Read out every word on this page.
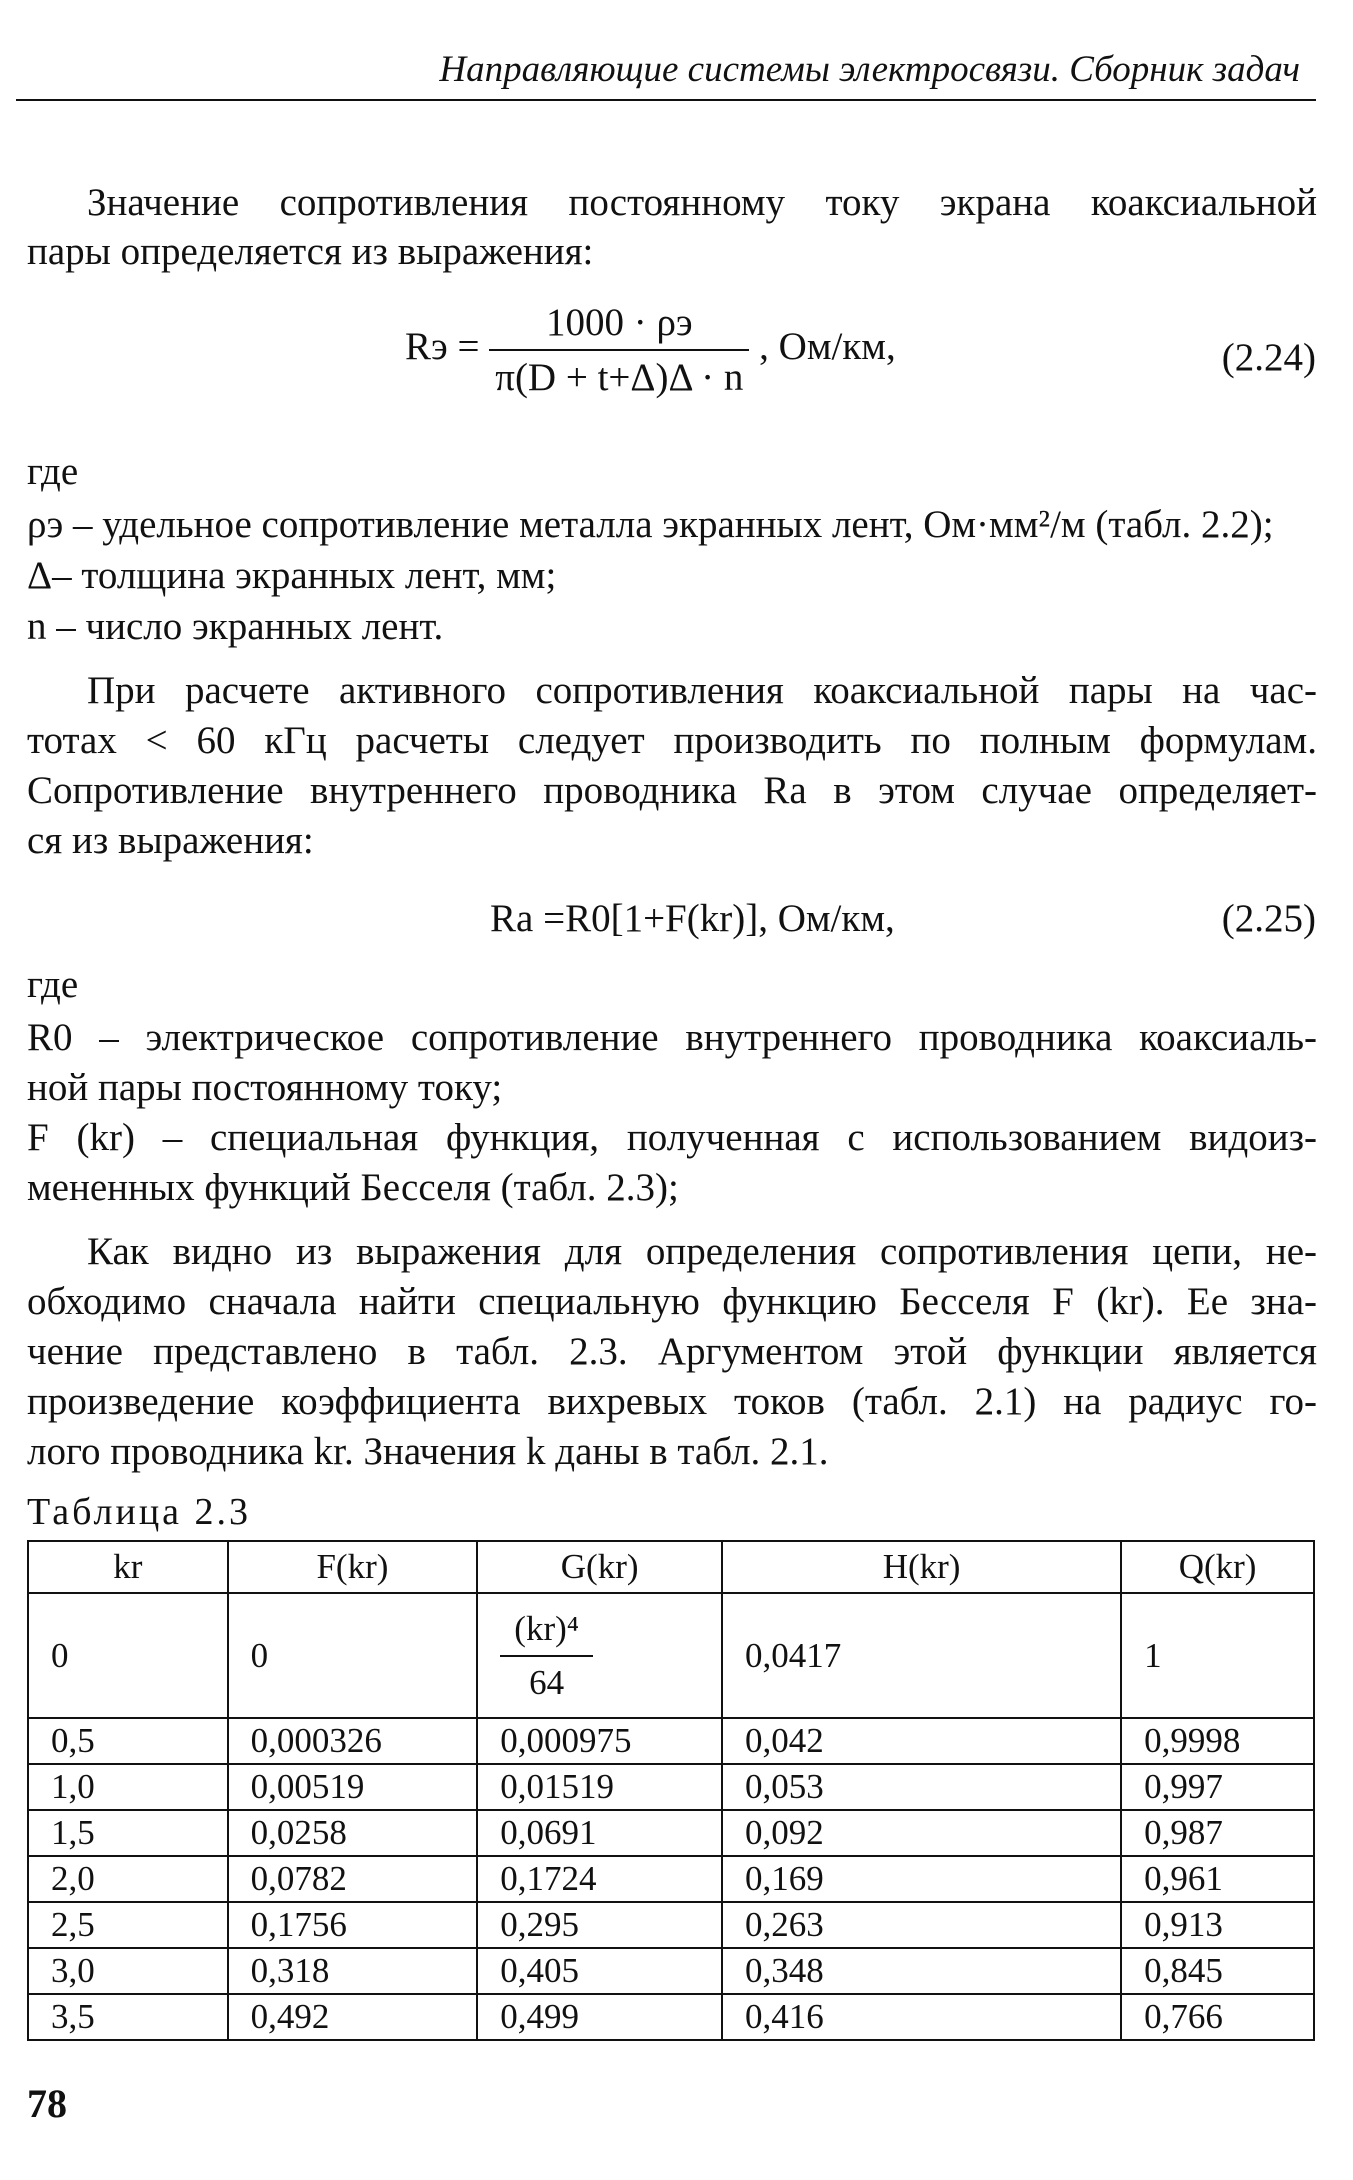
Направляющие системы электросвязи. Сборник задач
Значение сопротивления постоянному току экрана коаксиальной
пары определяется из выражения:
Rэ = $\frac{1000 \cdot \rho э}{\pi(D + t+\Delta)\Delta \cdot n}$ , Ом/км,	(2.24)
где
ρэ – удельное сопротивление металла экранных лент, Ом·мм²/м (табл. 2.2);
Δ– толщина экранных лент, мм;
n – число экранных лент.
При расчете активного сопротивления коаксиальной пары на час-
тотах < 60 кГц расчеты следует производить по полным формулам.
Сопротивление внутреннего проводника Rа в этом случае определяет-
ся из выражения:
Rа =R0[1+F(kr)], Ом/км,	(2.25)
где
R0 – электрическое сопротивление внутреннего проводника коаксиаль-
ной пары постоянному току;
F (kr) – специальная функция, полученная с использованием видоиз-
мененных функций Бесселя (табл. 2.3);
Как видно из выражения для определения сопротивления цепи, не-
обходимо сначала найти специальную функцию Бесселя F (kr). Ее зна-
чение представлено в табл. 2.3. Аргументом этой функции является
произведение коэффициента вихревых токов (табл. 2.1) на радиус го-
лого проводника kr. Значения k даны в табл. 2.1.
Таблица 2.3
kr	F(kr)	G(kr)	H(kr)	Q(kr)
0	0	$\frac{\text{(kr)⁴}}{64}$	0,0417	1
0,5	0,000326	0,000975	0,042	0,9998
1,0	0,00519	0,01519	0,053	0,997
1,5	0,0258	0,0691	0,092	0,987
2,0	0,0782	0,1724	0,169	0,961
2,5	0,1756	0,295	0,263	0,913
3,0	0,318	0,405	0,348	0,845
3,5	0,492	0,499	0,416	0,766
78
